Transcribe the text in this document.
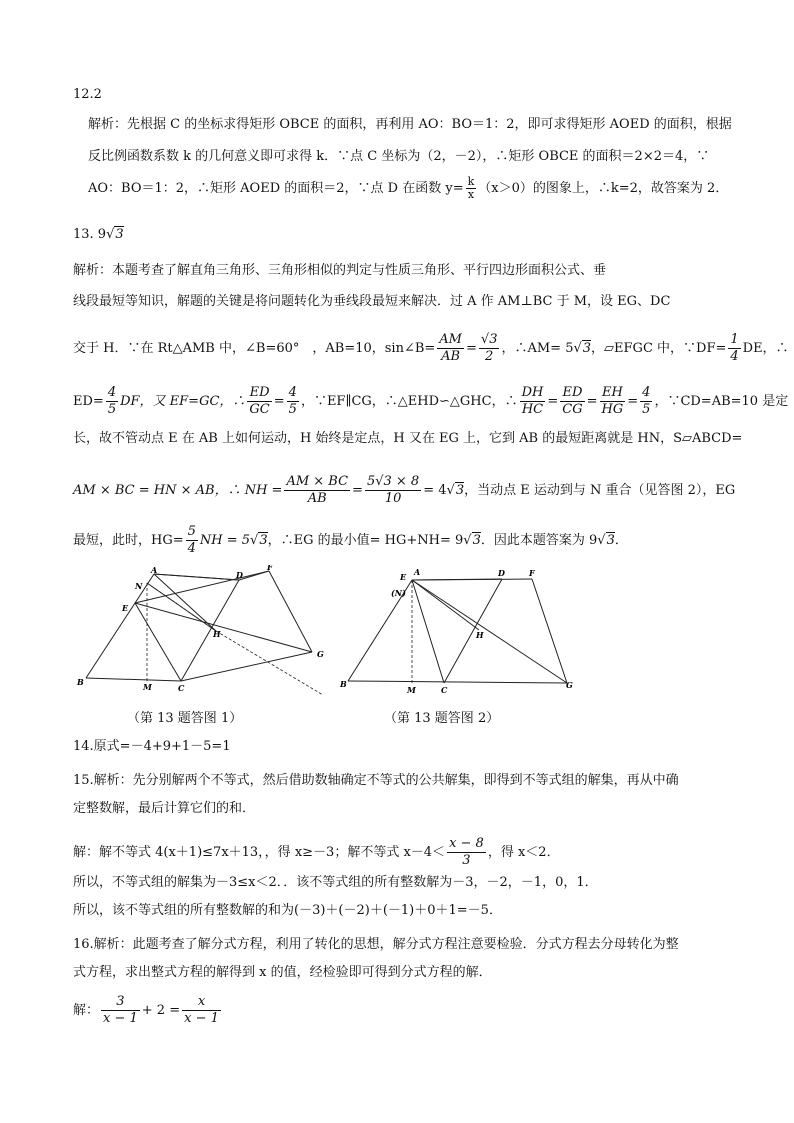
12.2
解析：先根据 C 的坐标求得矩形 OBCE 的面积，再利用 AO：BO＝1：2，即可求得矩形 AOED 的面积，根据
反比例函数系数 k 的几何意义即可求得 k．∵点 C 坐标为（2，－2），∴矩形 OBCE 的面积＝2×2＝4，∵
AO：BO＝1：2，∴矩形 AOED 的面积＝2，∵点 D 在函数 $y= \frac{k}{x} (x>0)$的图象上，∴k=2，故答案为 2．
13. 9√3
解析：本题考查了解直角三角形、三角形相似的判定与性质三角形、平行四边形面积公式、垂
线段最短等知识，解题的关键是将问题转化为垂线段最短来解决．过 A 作 AM⊥BC 于 M，设 EG、DC
交于 H．∵在 Rt△AMB 中，∠B=60°　，AB=10，sin∠B= $\frac{AM}{AB} = \frac{√3}{2}$ ，∴AM= 5√3，▱EFGC 中，∵DF= $\frac{1}{4}$ DE，∴
$ED= \frac{4}{5}$ DF，又 EF=GC，∴ $\frac{ED}{GC} = \frac{4}{5}$ ，∵EF∥CG，∴△EHD∽△GHC，∴ $\frac{DH}{HC} = \frac{ED}{CG} = \frac{EH}{HG} = \frac{4}{5}$ ，∵CD=AB=10 是定
长，故不管动点 E 在 AB 上如何运动，H 始终是定点，H 又在 EG 上，它到 AB 的最短距离就是 HN，S▱ABCD=
AM × BC = HN × AB，∴ NH = $\frac{AM \times BC}{AB} = \frac{5√3 \times 8}{10} = 4√3$，当动点 E 运动到与 N 重合（见答图 2），EG
最短，此时，$HG= \frac{5}{4}$ NH = 5√3，∴EG 的最小值= HG+NH= 9√3．因此本题答案为 9√3．
A	D
F
N
E
H
G
B	M	C
（第 13 题答图 1）
E A	D	F
(N)
H
B
M	C	G
（第 13 题答图 2）
14.原式=－4+9+1－5=1
15.解析：先分别解两个不等式，然后借助数轴确定不等式的公共解集，即得到不等式组的解集，再从中确
定整数解，最后计算它们的和．
解：解不等式 4(x＋1)≤7x＋13，，得 x≥－3；解不等式 $x-4< \frac{x - 8}{3}$ ，得 x＜2．
所以，不等式组的解集为－3≤x＜2．．该不等式组的所有整数解为－3，－2，－1，0，1．
所以，该不等式组的所有整数解的和为(－3)＋(－2)＋(－1)＋0＋1=－5．
16.解析：此题考查了解分式方程，利用了转化的思想，解分式方程注意要检验．分式方程去分母转化为整
式方程，求出整式方程的解得到 x 的值，经检验即可得到分式方程的解．
解： $\frac{3}{x - 1} + 2 = \frac{x}{x - 1}$
